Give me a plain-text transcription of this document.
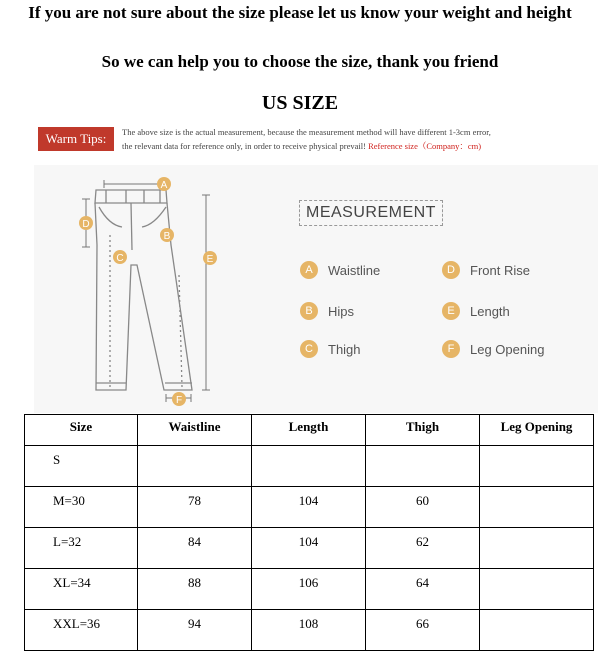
If you are not sure about the size please let us know your weight and height
So we can help you to choose the size, thank you friend
US SIZE
Warm Tips:	The above size is the actual measurement, because the measurement method will have different 1-3cm error,
the relevant data for reference only, in order to receive physical prevail! Reference size（Company：cm)
A
B
C
D
E
F
MEASUREMENT
A	Waistline
B	Hips
C	Thigh
D	Front Rise
E	Length
F	Leg Opening
Size	Waistline	Length	Thigh	Leg Opening
S				
M=30	78	104	60	
L=32	84	104	62	
XL=34	88	106	64	
XXL=36	94	108	66	
